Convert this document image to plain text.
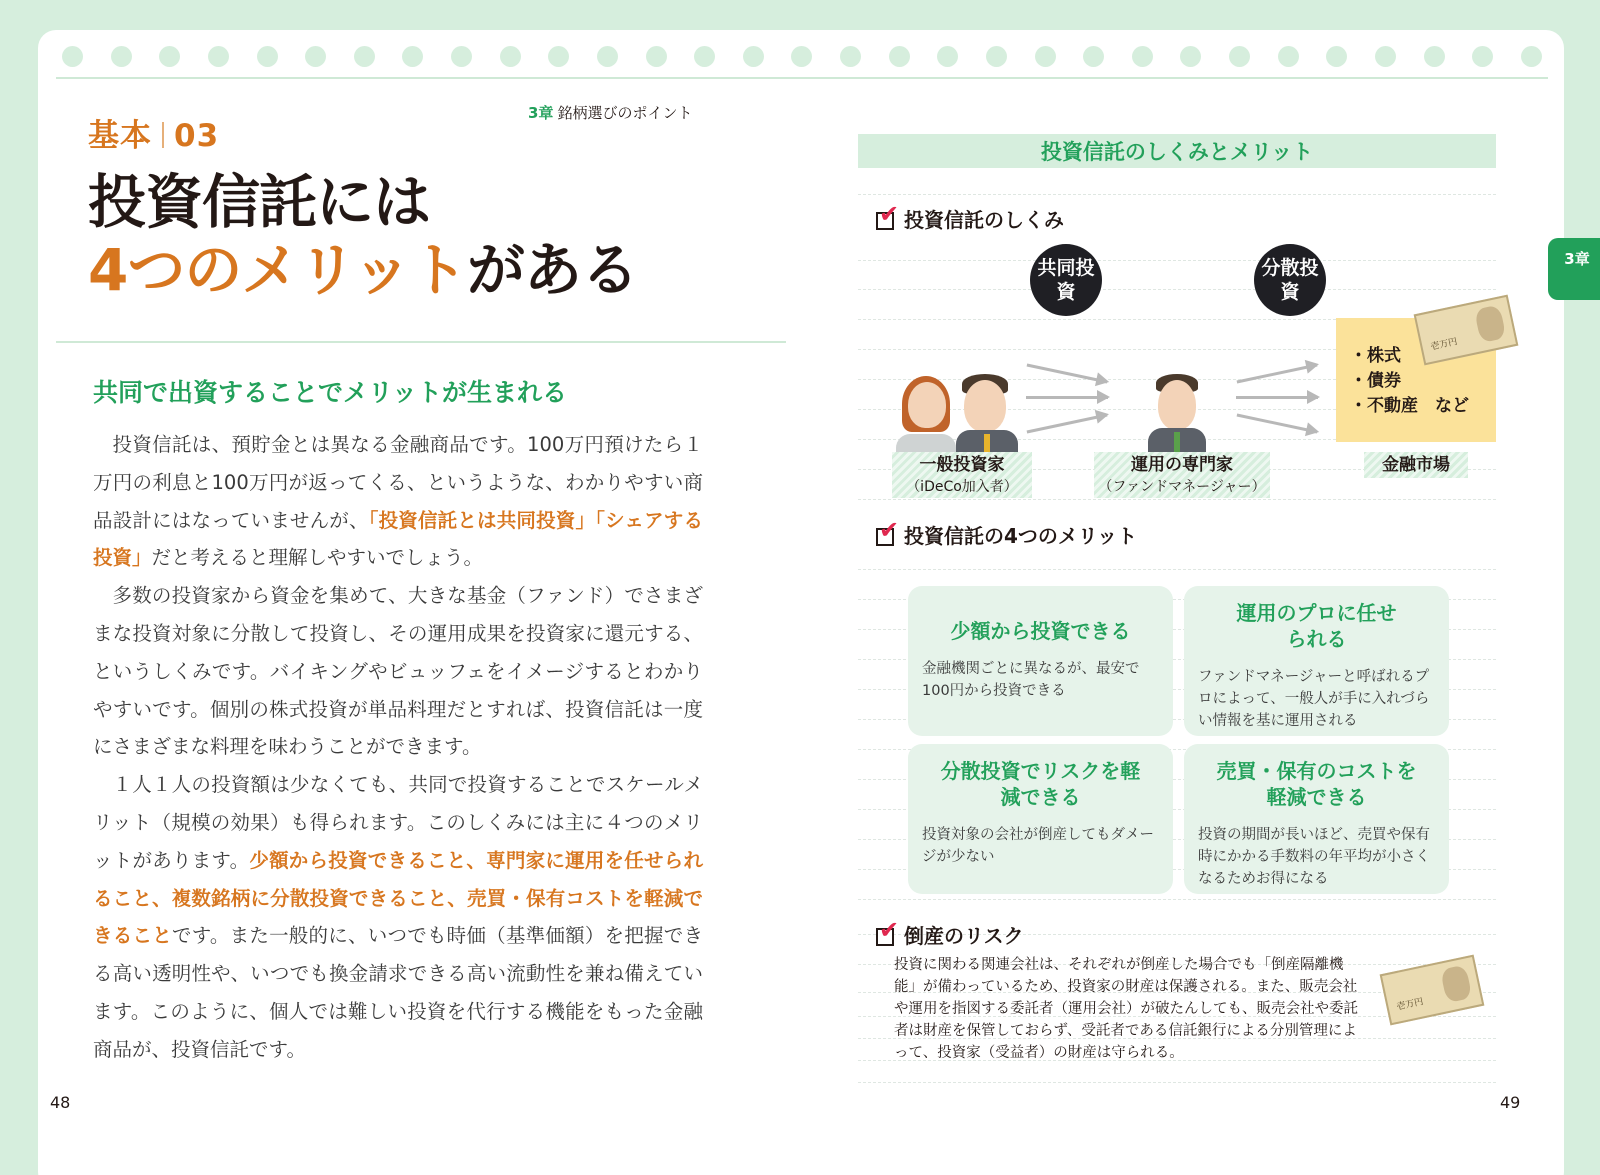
基本 03
3章 銘柄選びのポイント
投資信託には
4つのメリットがある
共同で出資することでメリットが生まれる

投資信託は、預貯金とは異なる金融商品です。100万円預けたら１万円の利息と100万円が返ってくる、というような、わかりやすい商品設計にはなっていませんが、「投資信託とは共同投資」「シェアする投資」だと考えると理解しやすいでしょう。

多数の投資家から資金を集めて、大きな基金（ファンド）でさまざまな投資対象に分散して投資し、その運用成果を投資家に還元する、というしくみです。バイキングやビュッフェをイメージするとわかりやすいです。個別の株式投資が単品料理だとすれば、投資信託は一度にさまざまな料理を味わうことができます。

１人１人の投資額は少なくても、共同で投資することでスケールメリット（規模の効果）も得られます。このしくみには主に４つのメリットがあります。少額から投資できること、専門家に運用を任せられること、複数銘柄に分散投資できること、売買・保有コストを軽減できることです。また一般的に、いつでも時価（基準価額）を把握できる高い透明性や、いつでも換金請求できる高い流動性を兼ね備えています。このように、個人では難しい投資を代行する機能をもった金融商品が、投資信託です。

48
投資信託のしくみとメリット
✔ 投資信託のしくみ
共同投資
分散投資
・株式
・債券
・不動産　など
壱万円
一般投資家
（iDeCo加入者）
運用の専門家
（ファンドマネージャー）
金融市場
✔ 投資信託の4つのメリット
少額から投資できる

金融機関ごとに異なるが、最安で100円から投資できる

運用のプロに任せられる

ファンドマネージャーと呼ばれるプロによって、一般人が手に入れづらい情報を基に運用される

分散投資でリスクを軽減できる

投資対象の会社が倒産してもダメージが少ない

売買・保有のコストを軽減できる

投資の期間が長いほど、売買や保有時にかかる手数料の年平均が小さくなるためお得になる

✔ 倒産のリスク
投資に関わる関連会社は、それぞれが倒産した場合でも「倒産隔離機能」が備わっているため、投資家の財産は保護される。また、販売会社や運用を指図する委託者（運用会社）が破たんしても、販売会社や委託者は財産を保管しておらず、受託者である信託銀行による分別管理によって、投資家（受益者）の財産は守られる。
壱万円
49
3章
